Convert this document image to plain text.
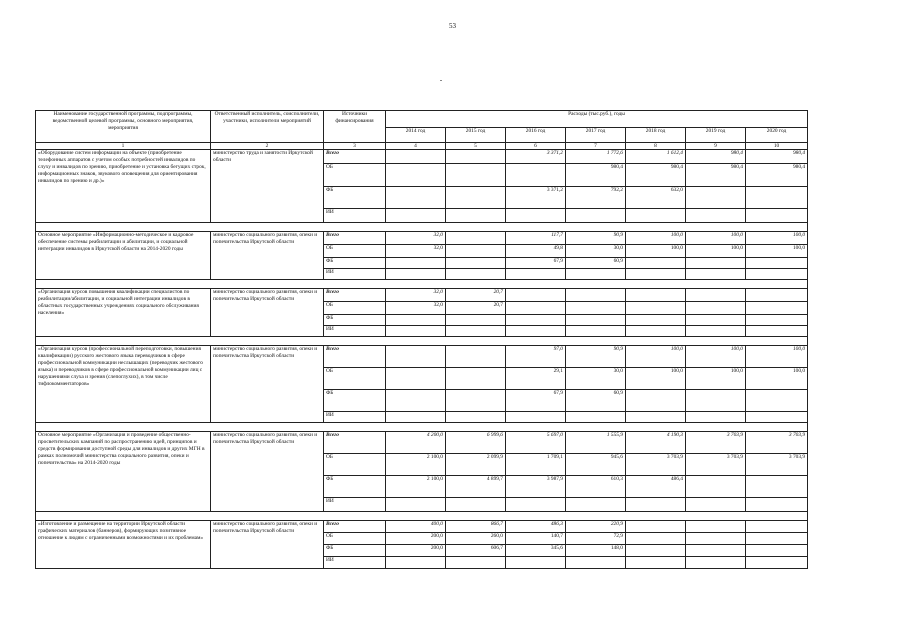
53
Наименование государственной программы, подпрограммы, ведомственной целевой программы, основного мероприятия, мероприятия	Ответственный исполнитель, соисполнители, участники, исполнители мероприятий	Источники финансирования	Расходы (тыс.руб.), годы						
			2014 год	2015 год	2016 год	2017 год	2018 год	2019 год	2020 год
1	2	3	4	5	6	7	8	9	10
«Оборудование систем информации на объекте (приобретение телефонных аппаратов с учетом особых потребностей инвалидов по слуху и инвалидов по зрению, приобретение и установка бегущих строк, информационных знаков, звукового оповещения для ориентирования инвалидов по зрению и др.)»	министерство труда и занятости Иркутской области	Всего			3 371,2	1 772,6	1 612,4	980,4	980,4
		ОБ				980,4	980,4	980,4	980,4
		ФБ			3 371,2	792,2	632,0		
		ИИ							

Основное мероприятие «Информационно-методическое и кадровое обеспечение системы реабилитации и абилитации, и социальной интеграции инвалидов в Иркутской области на 2014-2020 годы	министерство социального развития, опеки и попечительства Иркутской области	Всего	32,0		117,7	90,9	100,0	100,0	100,0
		ОБ	32,0		49,8	30,0	100,0	100,0	100,0
		ФБ			67,9	60,9			
		ИИ							

«Организация курсов повышения квалификации специалистов по реабилитации/абилитации, и социальной интеграции инвалидов в областных государственных учреждениях социального обслуживания населения»	министерство социального развития, опеки и попечительства Иркутской области	Всего	32,0	20,7					
		ОБ	32,0	20,7					
		ФБ							
		ИИ							

«Организация курсов (профессиональной переподготовки, повышения квалификации) русского жестового языка переводчиков в сфере профессиональной коммуникации неслышащих (переводчик жестового языка) и переводчиков в сфере профессиональной коммуникации лиц с нарушениями слуха и зрения (слепоглухих), в том числе тифлокомментаторов»	министерство социального развития, опеки и попечительства Иркутской области	Всего			97,0	90,9	100,0	100,0	100,0
		ОБ			29,1	30,0	100,0	100,0	100,0
		ФБ			67,9	60,9			
		ИИ							

Основное мероприятие «Организация и проведение общественно-просветительских кампаний по распространению идей, принципов и средств формирования доступной среды для инвалидов и других МГН в рамках полномочий министерства социального развития, опеки и попечительства» на 2014-2020 годы	министерство социального развития, опеки и попечительства Иркутской области	Всего	4 200,0	6 999,6	5 697,0	1 555,9	4 190,3	3 703,9	3 703,9
		ОБ	2 100,0	2 099,9	1 709,1	945,6	3 703,9	3 703,9	3 703,9
		ФБ	2 100,0	4 899,7	3 987,9	610,3	486,4		
		ИИ							

«Изготовление и размещение на территории Иркутской области графических материалов (баннеров), формирующих позитивное отношение к людям с ограниченными возможностями и их проблемам»	министерство социального развития, опеки и попечительства Иркутской области	Всего	400,0	866,7	486,3	220,9			
		ОБ	200,0	260,0	140,7	72,9			
		ФБ	200,0	606,7	345,6	148,0			
		ИИ							
